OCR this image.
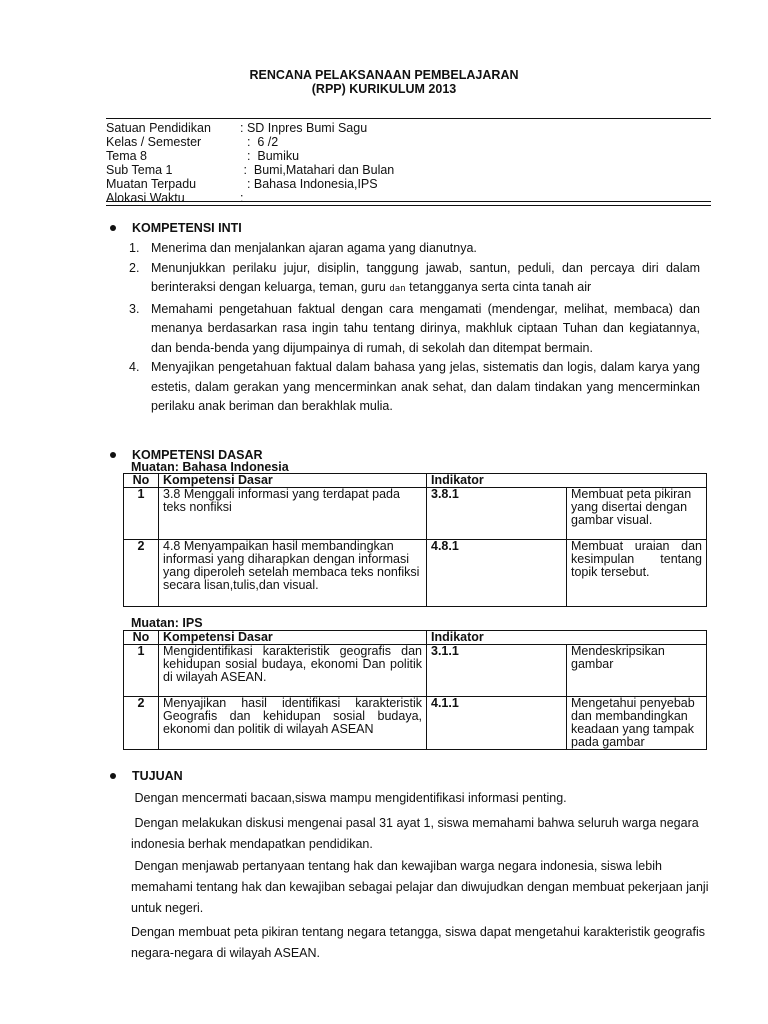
RENCANA PELAKSANAAN PEMBELAJARAN
(RPP) KURIKULUM 2013
Satuan Pendidikan	: SD Inpres Bumi Sagu
Kelas / Semester	:  6 /2
Tema 8	:  Bumiku
Sub Tema 1	:  Bumi,Matahari dan Bulan
Muatan Terpadu	: Bahasa Indonesia,IPS
Alokasi Waktu	:
KOMPETENSI INTI
1. Menerima dan menjalankan ajaran agama yang dianutnya.
2. Menunjukkan perilaku jujur, disiplin, tanggung jawab, santun, peduli, dan percaya diri dalam berinteraksi dengan keluarga, teman, guru dan tetangganya serta cinta tanah air
3. Memahami pengetahuan faktual dengan cara mengamati (mendengar, melihat, membaca) dan menanya berdasarkan rasa ingin tahu tentang dirinya, makhluk ciptaan Tuhan dan kegiatannya, dan benda-benda yang dijumpainya di rumah, di sekolah dan ditempat bermain.
4. Menyajikan pengetahuan faktual dalam bahasa yang jelas, sistematis dan logis, dalam karya yang estetis, dalam gerakan yang mencerminkan anak sehat, dan dalam tindakan yang mencerminkan perilaku anak beriman dan berakhlak mulia.
KOMPETENSI DASAR
Muatan: Bahasa Indonesia
No	Kompetensi Dasar	Indikator	
1	3.8 Menggali informasi yang terdapat pada teks nonfiksi	3.8.1	Membuat peta pikiran yang disertai dengan gambar visual.
2	4.8 Menyampaikan hasil membandingkan informasi yang diharapkan dengan informasi yang diperoleh setelah membaca teks nonfiksi secara lisan,tulis,dan visual.	4.8.1	Membuat uraian dan kesimpulan tentang topik tersebut.
Muatan: IPS
No	Kompetensi Dasar	Indikator	
1	Mengidentifikasi karakteristik geografis dan kehidupan sosial budaya, ekonomi Dan politik di wilayah ASEAN.	3.1.1	Mendeskripsikan gambar
2	Menyajikan hasil identifikasi karakteristik Geografis dan kehidupan sosial budaya, ekonomi dan politik di wilayah ASEAN	4.1.1	Mengetahui penyebab dan membandingkan keadaan yang tampak pada gambar
TUJUAN

Dengan mencermati bacaan,siswa mampu mengidentifikasi informasi penting.

Dengan melakukan diskusi mengenai pasal 31 ayat 1, siswa memahami bahwa seluruh warga negara indonesia berhak mendapatkan pendidikan.

Dengan menjawab pertanyaan tentang hak dan kewajiban warga negara indonesia, siswa lebih memahami tentang hak dan kewajiban sebagai pelajar dan diwujudkan dengan membuat pekerjaan janji untuk negeri.

Dengan membuat peta pikiran tentang negara tetangga, siswa dapat mengetahui karakteristik geografis negara-negara di wilayah ASEAN.
